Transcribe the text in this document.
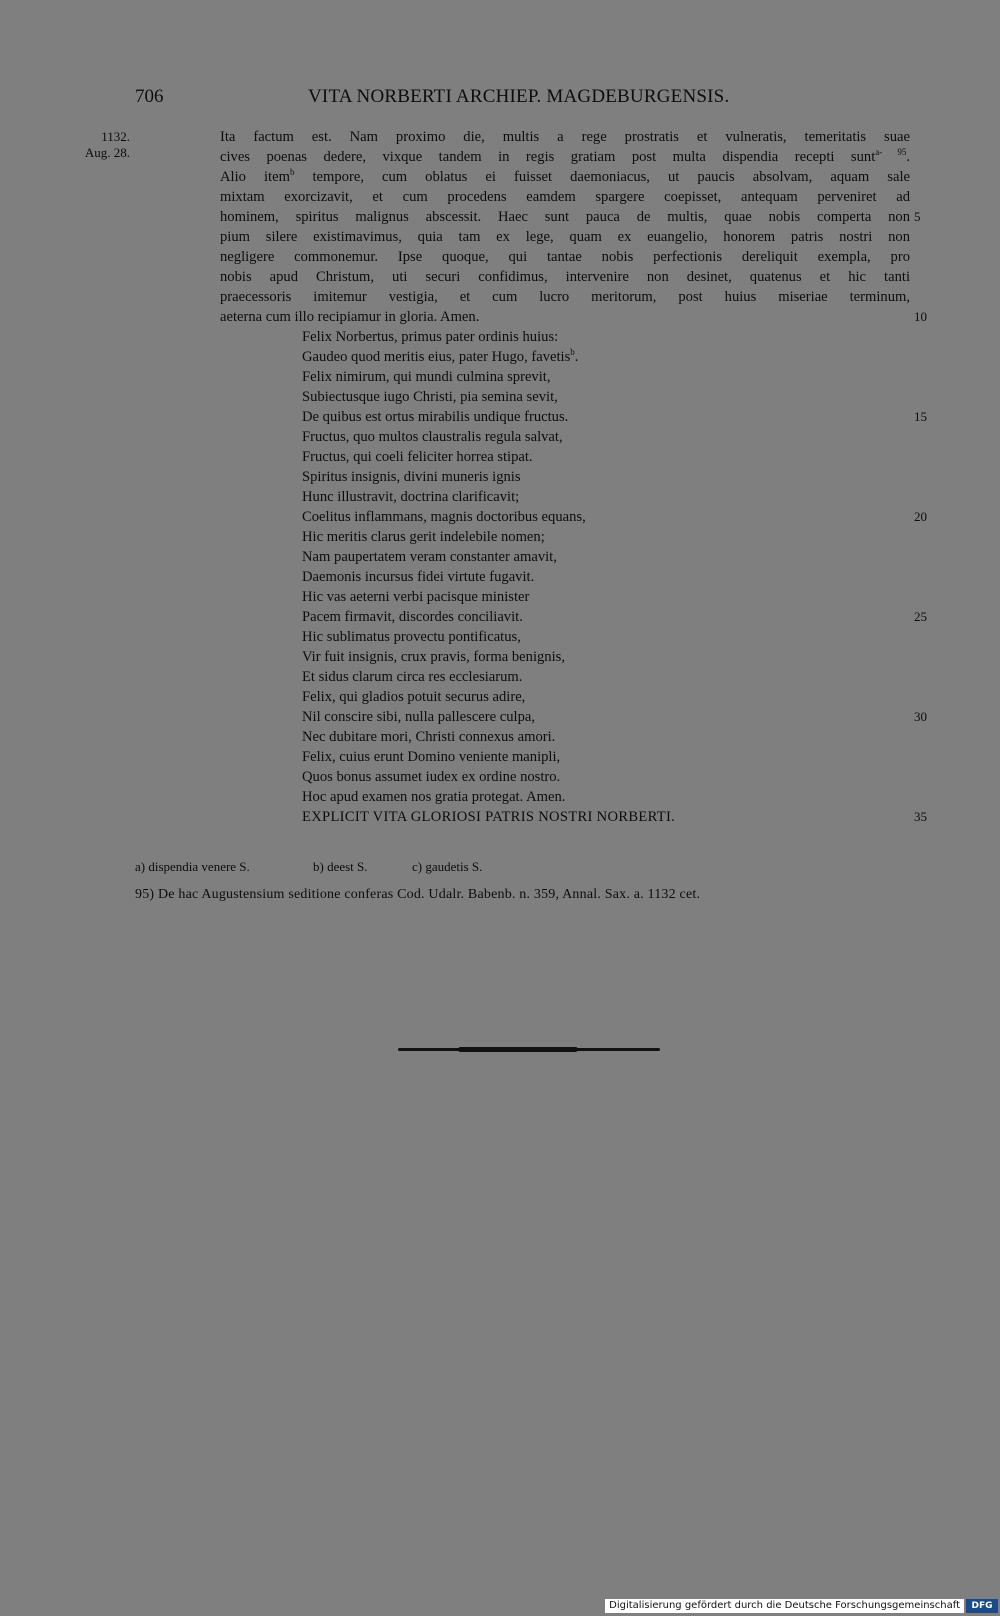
706	VITA NORBERTI ARCHIEP. MAGDEBURGENSIS.
1132.
Aug. 28.
Ita factum est. Nam proximo die, multis a rege prostratis et vulneratis, temeritatis suae
cives poenas dedere, vixque tandem in regis gratiam post multa dispendia recepti sunt$^{a- 95}$.
Alio item$^b$ tempore, cum oblatus ei fuisset daemoniacus, ut paucis absolvam, aquam sale
mixtam exorcizavit, et cum procedens eamdem spargere coepisset, antequam perveniret ad
hominem, spiritus malignus abscessit. Haec sunt pauca de multis, quae nobis comperta non
pium silere existimavimus, quia tam ex lege, quam ex euangelio, honorem patris nostri non
negligere commonemur. Ipse quoque, qui tantae nobis perfectionis dereliquit exempla, pro
nobis apud Christum, uti securi confidimus, intervenire non desinet, quatenus et hic tanti
praecessoris imitemur vestigia, et cum lucro meritorum, post huius miseriae terminum,
aeterna cum illo recipiamur in gloria. Amen.
Felix Norbertus, primus pater ordinis huius:
Gaudeo quod meritis eius, pater Hugo, favetis$^b$.
Felix nimirum, qui mundi culmina sprevit,
Subiectusque iugo Christi, pia semina sevit,
De quibus est ortus mirabilis undique fructus.
Fructus, quo multos claustralis regula salvat,
Fructus, qui coeli feliciter horrea stipat.
Spiritus insignis, divini muneris ignis
Hunc illustravit, doctrina clarificavit;
Coelitus inflammans, magnis doctoribus equans,
Hic meritis clarus gerit indelebile nomen;
Nam paupertatem veram constanter amavit,
Daemonis incursus fidei virtute fugavit.
Hic vas aeterni verbi pacisque minister
Pacem firmavit, discordes conciliavit.
Hic sublimatus provectu pontificatus,
Vir fuit insignis, crux pravis, forma benignis,
Et sidus clarum circa res ecclesiarum.
Felix, qui gladios potuit securus adire,
Nil conscire sibi, nulla pallescere culpa,
Nec dubitare mori, Christi connexus amori.
Felix, cuius erunt Domino veniente manipli,
Quos bonus assumet iudex ex ordine nostro.
Hoc apud examen nos gratia protegat. Amen.
EXPLICIT VITA GLORIOSI PATRIS NOSTRI NORBERTI.
5
10
15
20
25
30
35
a) dispendia venere S.	b) deest S.	c) gaudetis S.
95) De hac Augustensium seditione conferas Cod. Udalr. Babenb. n. 359, Annal. Sax. a. 1132 cet.
Digitalisierung gefördert durch die Deutsche Forschungsgemeinschaft	DFG
